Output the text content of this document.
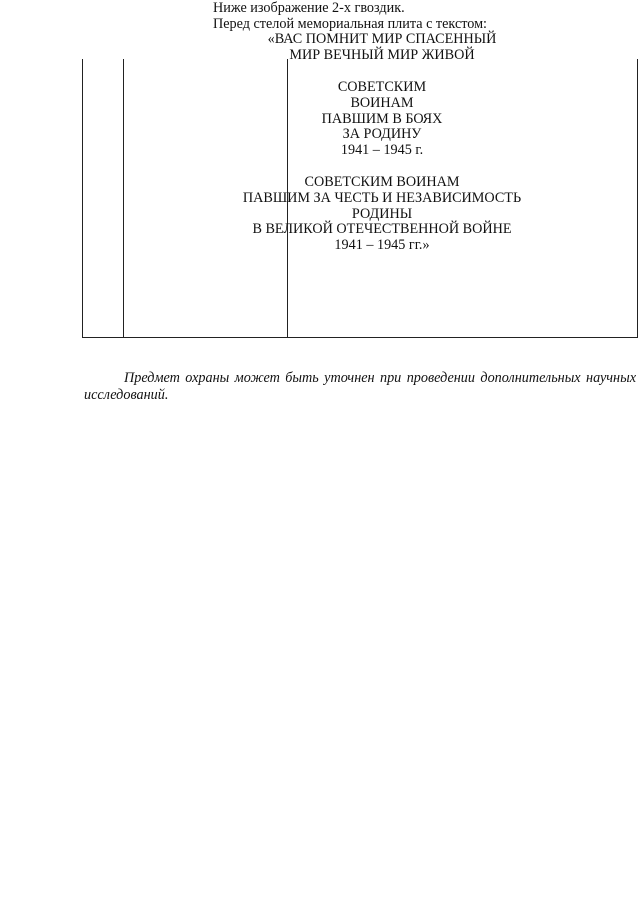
Ниже изображение 2-х гвоздик.
Перед стелой мемориальная плита с текстом:
«ВАС ПОМНИТ МИР СПАСЕННЫЙ
МИР ВЕЧНЫЙ МИР ЖИВОЙ
СОВЕТСКИМ
ВОИНАМ
ПАВШИМ В БОЯХ
ЗА РОДИНУ
1941 – 1945 г.
СОВЕТСКИМ ВОИНАМ
ПАВШИМ ЗА ЧЕСТЬ И НЕЗАВИСИМОСТЬ
РОДИНЫ
В ВЕЛИКОЙ ОТЕЧЕСТВЕННОЙ ВОЙНЕ
1941 – 1945 гг.»

Предмет охраны может быть уточнен при проведении дополнительных научных исследований.
